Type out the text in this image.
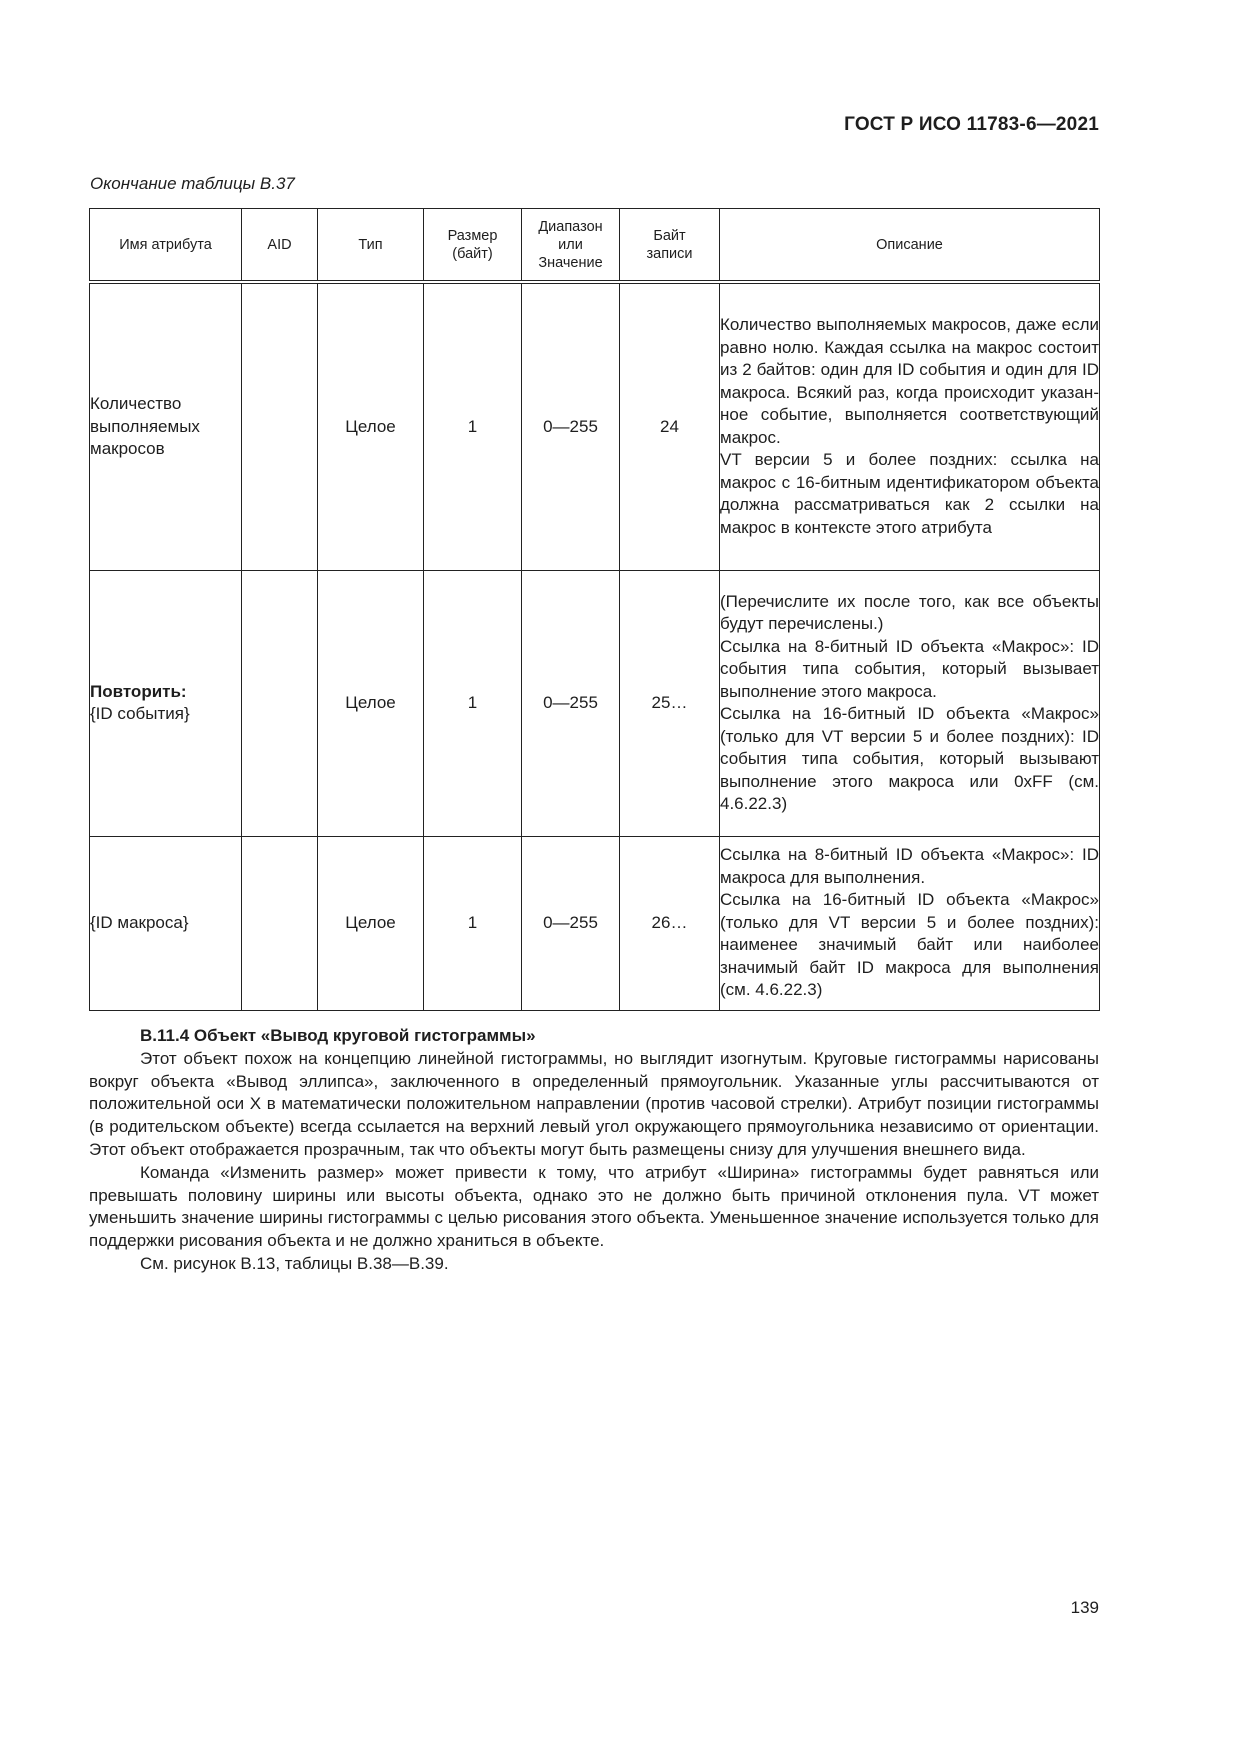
ГОСТ Р ИСО 11783-6—2021
Окончание таблицы В.37
Имя атрибута	AID	Тип	Размер (байт)	Диапазон или Значение	Байт записи	Описание
Количество выполняемых макросов		Целое	1	0—255	24	Количество выполняемых макросов, даже если равно нолю. Каждая ссылка на макрос состоит из 2 байтов: один для ID события и один для ID макроса. Всякий раз, когда происходит указанное событие, выполняется соответствующий макрос.
VT версии 5 и более поздних: ссылка на макрос с 16-битным идентификатором объекта должна рассматриваться как 2 ссылки на макрос в контексте этого атрибута

Повторить:
{ID события}		Целое	1	0—255	25…	(Перечислите их после того, как все объекты будут перечислены.)
Ссылка на 8-битный ID объекта «Макрос»: ID события типа события, который вызывает выполнение этого макроса.
Ссылка на 16-битный ID объекта «Макрос» (только для VT версии 5 и более поздних): ID события типа события, который вызывают выполнение этого макроса или 0xFF (см. 4.6.22.3)

{ID макроса}		Целое	1	0—255	26…	Ссылка на 8-битный ID объекта «Макрос»: ID макроса для выполнения.
Ссылка на 16-битный ID объекта «Макрос» (только для VT версии 5 и более поздних): наименее значимый байт или наиболее значимый байт ID макроса для выполнения (см. 4.6.22.3)
В.11.4 Объект «Вывод круговой гистограммы»
Этот объект похож на концепцию линейной гистограммы, но выглядит изогнутым. Круговые гистограммы нарисованы вокруг объекта «Вывод эллипса», заключенного в определенный прямоугольник. Указанные углы рассчитываются от положительной оси X в математически положительном направлении (против часовой стрелки). Атрибут позиции гистограммы (в родительском объекте) всегда ссылается на верхний левый угол окружающего прямоугольника независимо от ориентации. Этот объект отображается прозрачным, так что объекты могут быть размещены снизу для улучшения внешнего вида.
Команда «Изменить размер» может привести к тому, что атрибут «Ширина» гистограммы будет равняться или превышать половину ширины или высоты объекта, однако это не должно быть причиной отклонения пула. VT может уменьшить значение ширины гистограммы с целью рисования этого объекта. Уменьшенное значение используется только для поддержки рисования объекта и не должно храниться в объекте.
См. рисунок В.13, таблицы В.38—В.39.
139
